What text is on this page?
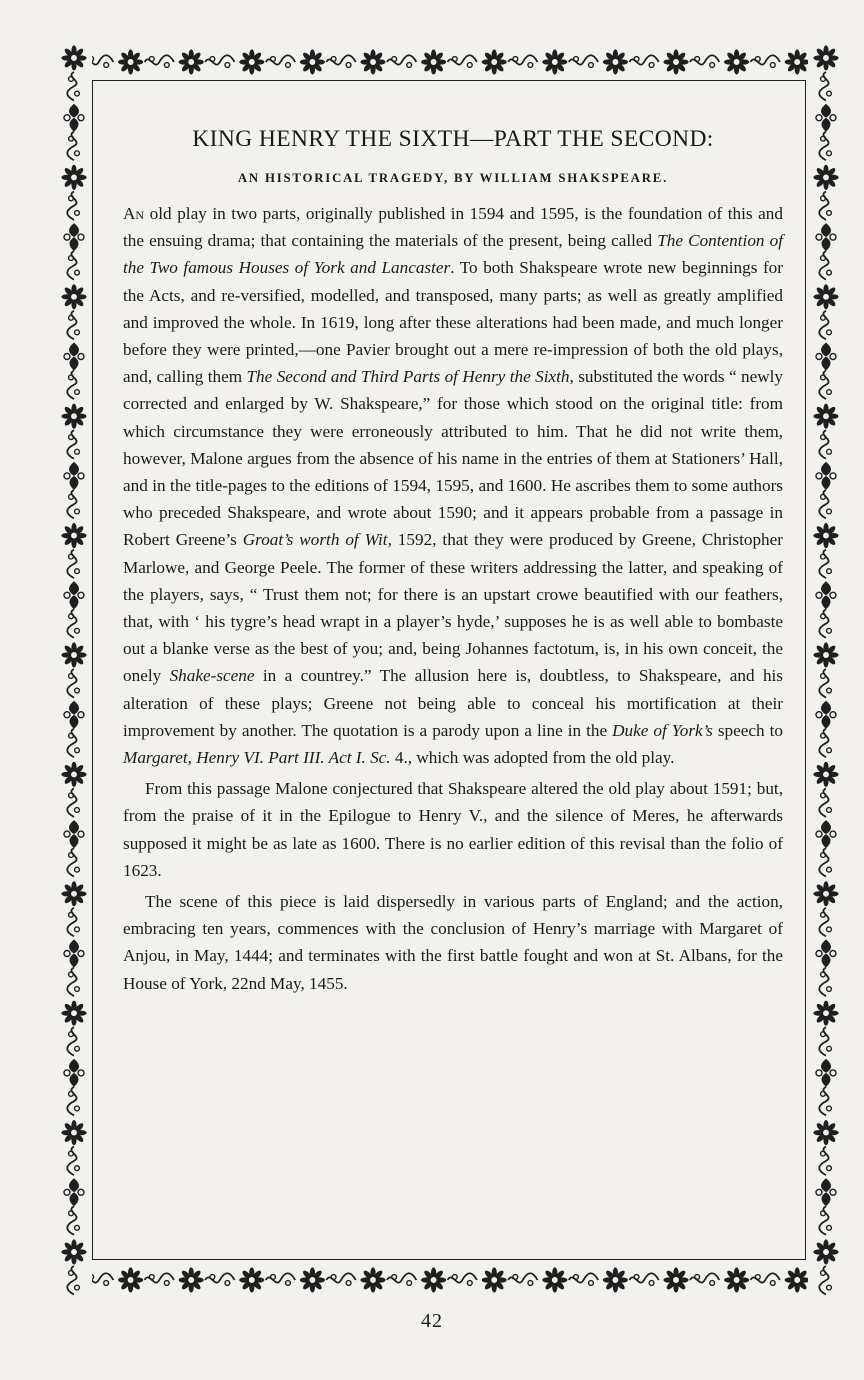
KING HENRY THE SIXTH—PART THE SECOND:
AN HISTORICAL TRAGEDY, BY WILLIAM SHAKSPEARE.

An old play in two parts, originally published in 1594 and 1595, is the foundation of this and the ensuing drama; that containing the materials of the present, being called The Contention of the Two famous Houses of York and Lancaster. To both Shakspeare wrote new beginnings for the Acts, and re-versified, modelled, and transposed, many parts; as well as greatly amplified and improved the whole. In 1619, long after these alterations had been made, and much longer before they were printed,—one Pavier brought out a mere re-impression of both the old plays, and, calling them The Second and Third Parts of Henry the Sixth, substituted the words “ newly corrected and enlarged by W. Shakspeare,” for those which stood on the original title: from which circumstance they were erroneously attributed to him. That he did not write them, however, Malone argues from the absence of his name in the entries of them at Stationers’ Hall, and in the title-pages to the editions of 1594, 1595, and 1600. He ascribes them to some authors who preceded Shakspeare, and wrote about 1590; and it appears probable from a passage in Robert Greene’s Groat’s worth of Wit, 1592, that they were produced by Greene, Christopher Marlowe, and George Peele. The former of these writers addressing the latter, and speaking of the players, says, “ Trust them not; for there is an upstart crowe beautified with our feathers, that, with ‘ his tygre’s head wrapt in a player’s hyde,’ supposes he is as well able to bombaste out a blanke verse as the best of you; and, being Johannes factotum, is, in his own conceit, the onely Shake-scene in a countrey.” The allusion here is, doubtless, to Shakspeare, and his alteration of these plays; Greene not being able to conceal his mortification at their improvement by another. The quotation is a parody upon a line in the Duke of York’s speech to Margaret, Henry VI. Part III. Act I. Sc. 4., which was adopted from the old play.

From this passage Malone conjectured that Shakspeare altered the old play about 1591; but, from the praise of it in the Epilogue to Henry V., and the silence of Meres, he afterwards supposed it might be as late as 1600. There is no earlier edition of this revisal than the folio of 1623.

The scene of this piece is laid dispersedly in various parts of England; and the action, embracing ten years, commences with the conclusion of Henry’s marriage with Margaret of Anjou, in May, 1444; and terminates with the first battle fought and won at St. Albans, for the House of York, 22nd May, 1455.

42
